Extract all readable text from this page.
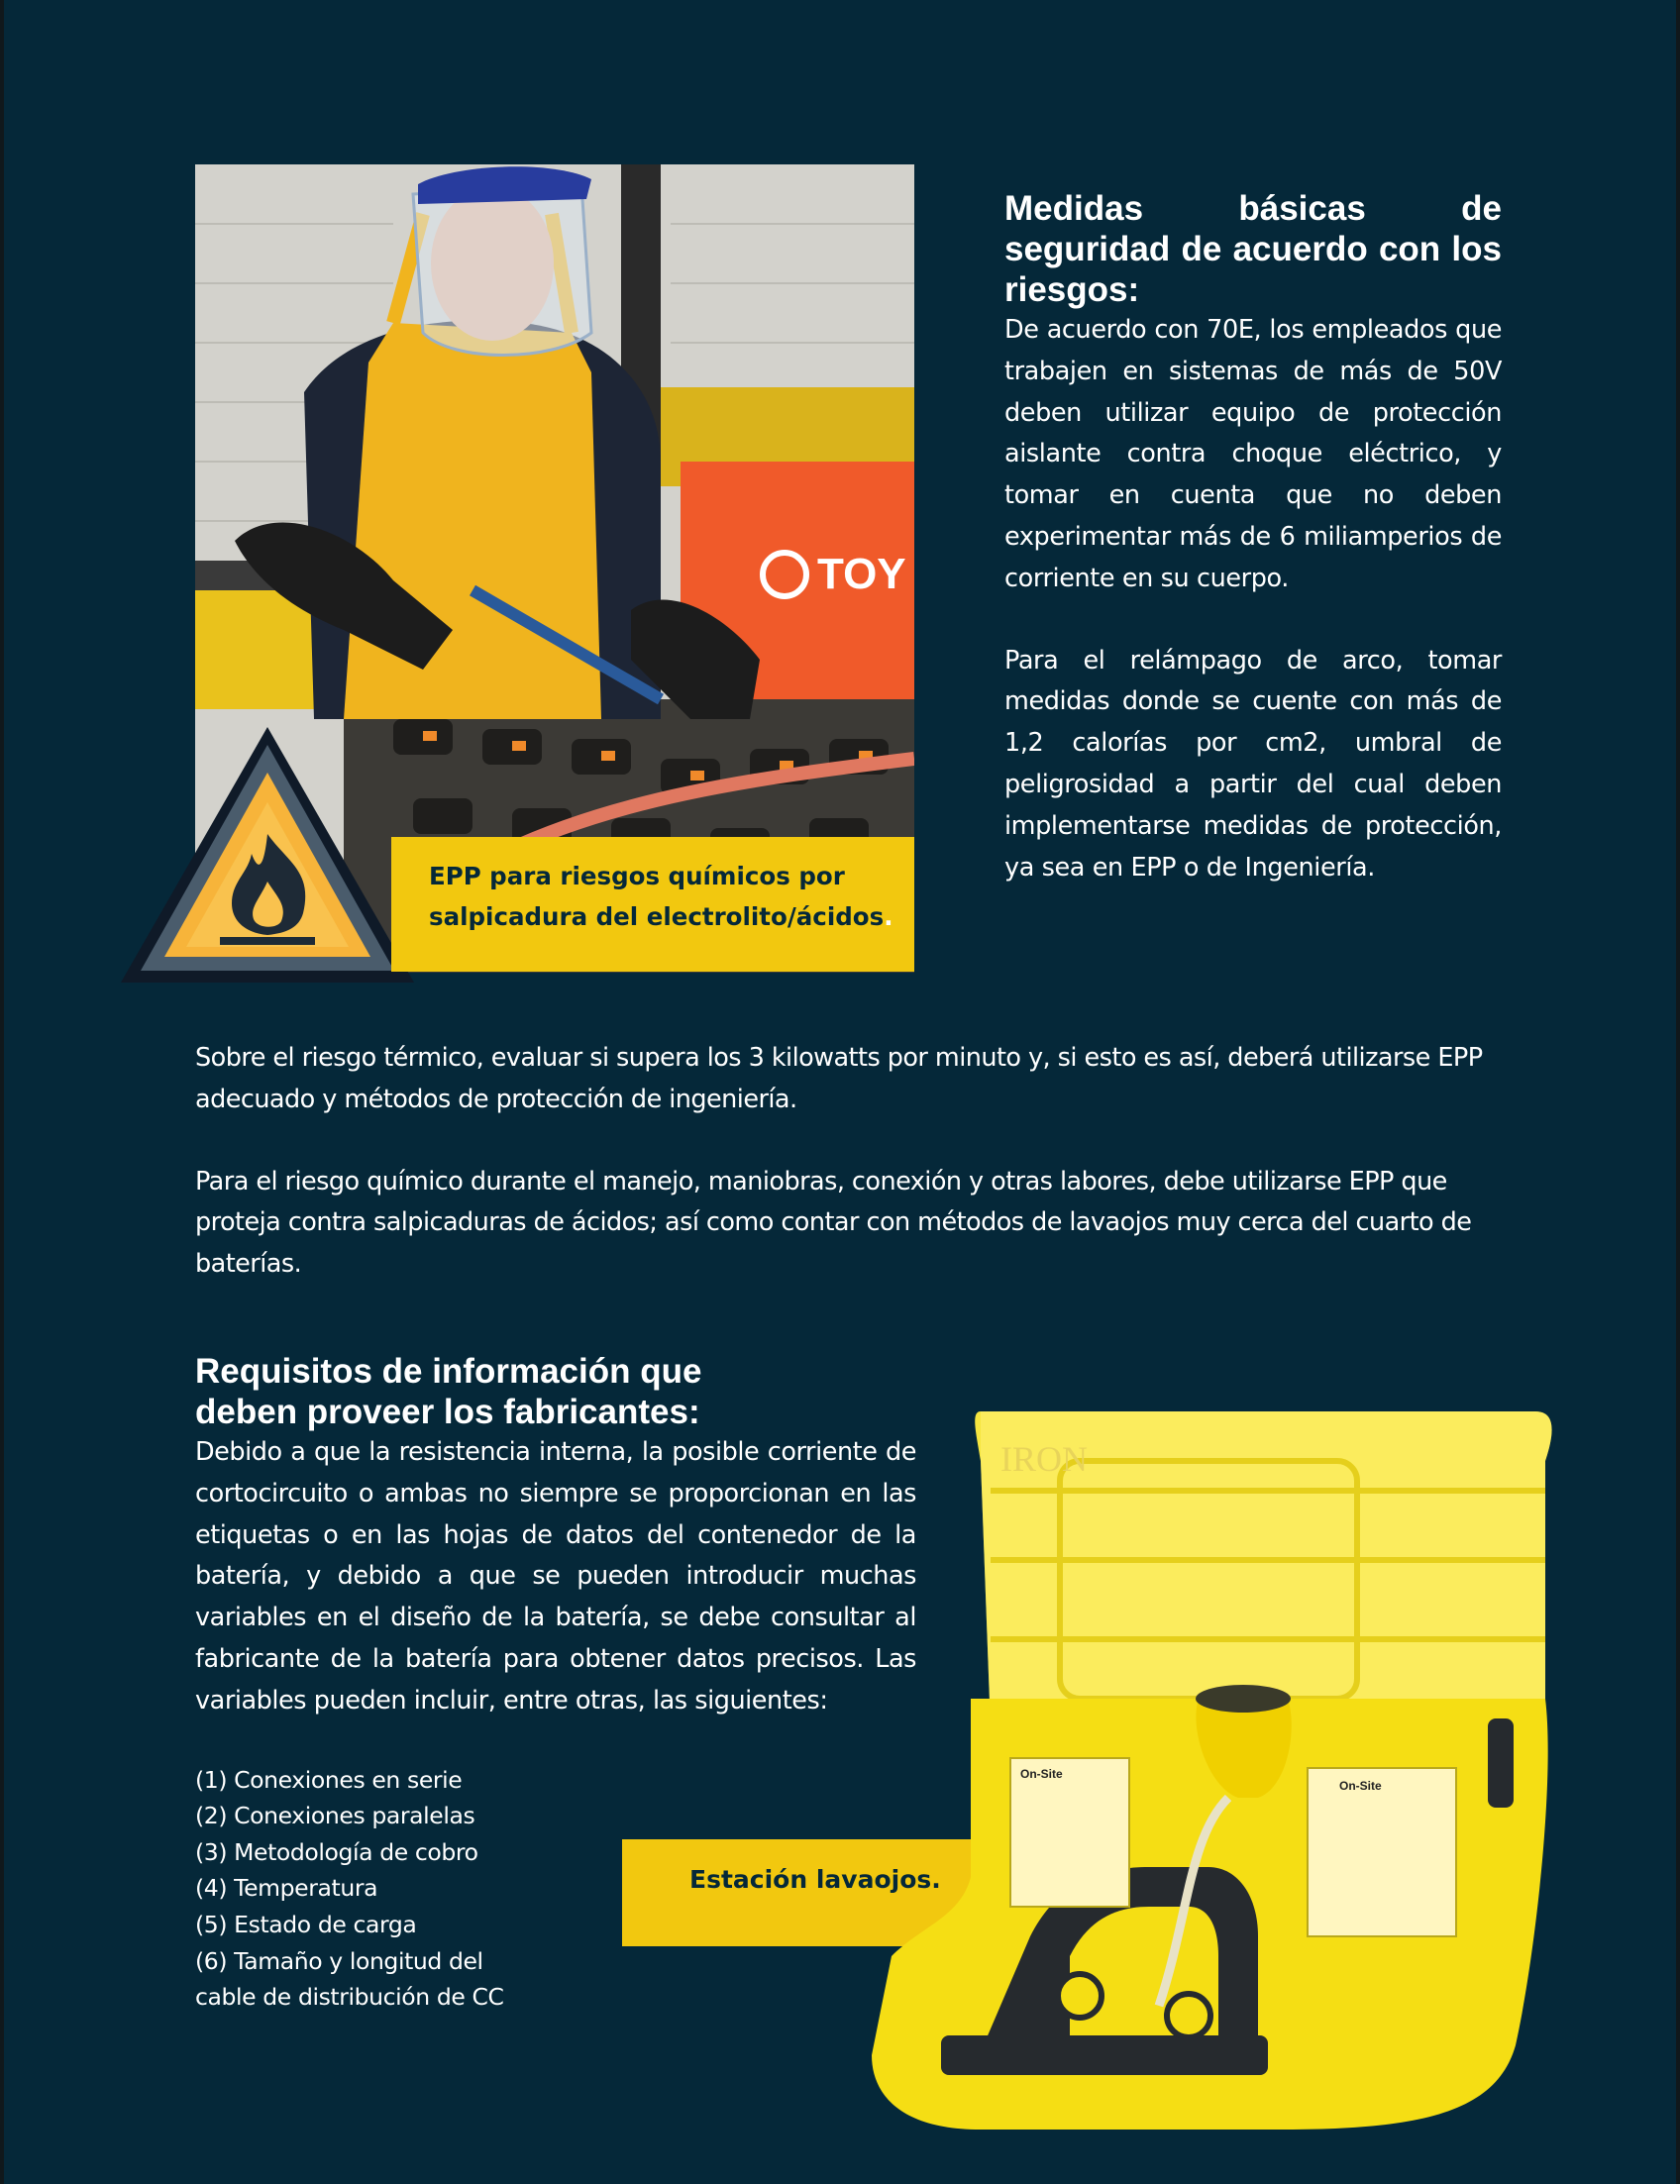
TOY
EPP para riesgos químicos por salpicadura del electrolito/ácidos.
Medidas básicas de seguridad de acuerdo con los riesgos:

De acuerdo con 70E, los empleados que trabajen en sistemas de más de 50V deben utilizar equipo de protección aislante contra choque eléctrico, y tomar en cuenta que no deben experimentar más de 6 miliamperios de corriente en su cuerpo.

Para el relámpago de arco, tomar medidas donde se cuente con más de 1,2 calorías por cm2, umbral de peligrosidad a partir del cual deben implementarse medidas de protección, ya sea en EPP o de Ingeniería.

Sobre el riesgo térmico, evaluar si supera los 3 kilowatts por minuto y, si esto es así, deberá utilizarse EPP adecuado y métodos de protección de ingeniería.

Para el riesgo químico durante el manejo, maniobras, conexión y otras labores, debe utilizarse EPP que proteja contra salpicaduras de ácidos; así como contar con métodos de lavaojos muy cerca del cuarto de baterías.

Requisitos de información que
deben proveer los fabricantes:

Debido a que la resistencia interna, la posible corriente de cortocircuito o ambas no siempre se proporcionan en las etiquetas o en las hojas de datos del contenedor de la batería, y debido a que se pueden introducir muchas variables en el diseño de la batería, se debe consultar al fabricante de la batería para obtener datos precisos. Las variables pueden incluir, entre otras, las siguientes:

(1) Conexiones en serie
(2) Conexiones paralelas
(3) Metodología de cobro
(4) Temperatura
(5) Estado de carga
(6) Tamaño y longitud del
cable de distribución de CC
Estación lavaojos.
IRON
On-Site
On-Site
